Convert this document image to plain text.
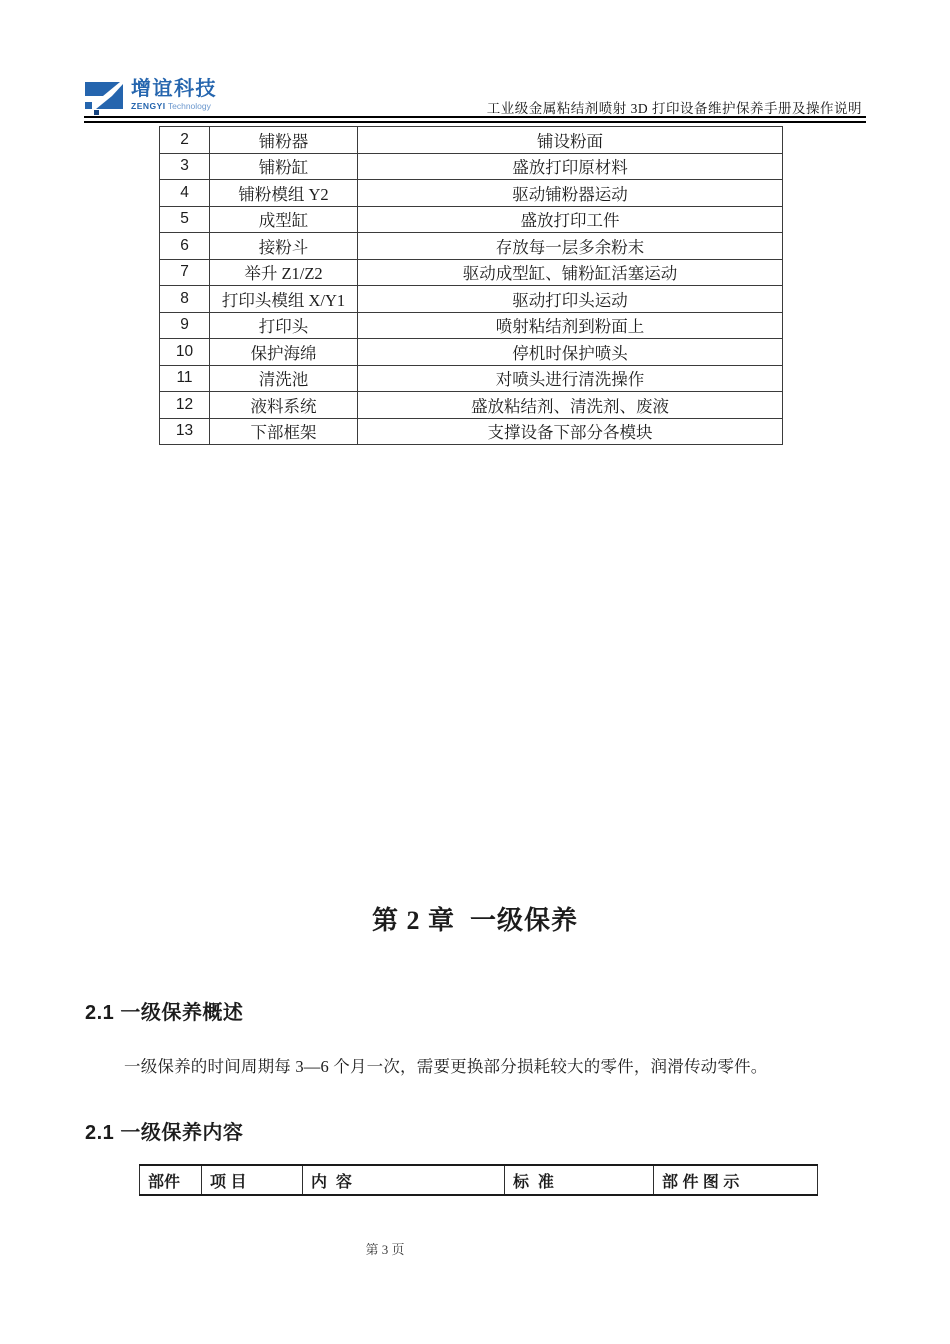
增谊科技
ZENGYI Technology	工业级金属粘结剂喷射 3D 打印设备维护保养手册及操作说明
2	铺粉器	铺设粉面
3	铺粉缸	盛放打印原材料
4	铺粉模组 Y2	驱动铺粉器运动
5	成型缸	盛放打印工件
6	接粉斗	存放每一层多余粉末
7	举升 Z1/Z2	驱动成型缸、铺粉缸活塞运动
8	打印头模组 X/Y1	驱动打印头运动
9	打印头	喷射粘结剂到粉面上
10	保护海绵	停机时保护喷头
11	清洗池	对喷头进行清洗操作
12	液料系统	盛放粘结剂、清洗剂、废液
13	下部框架	支撑设备下部分各模块
第 2 章  一级保养
2.1 一级保养概述
一级保养的时间周期每 3—6 个月一次，需要更换部分损耗较大的零件，润滑传动零件。
2.1 一级保养内容
部件	项 目	内  容	标  准	部 件 图 示
第 3 页
